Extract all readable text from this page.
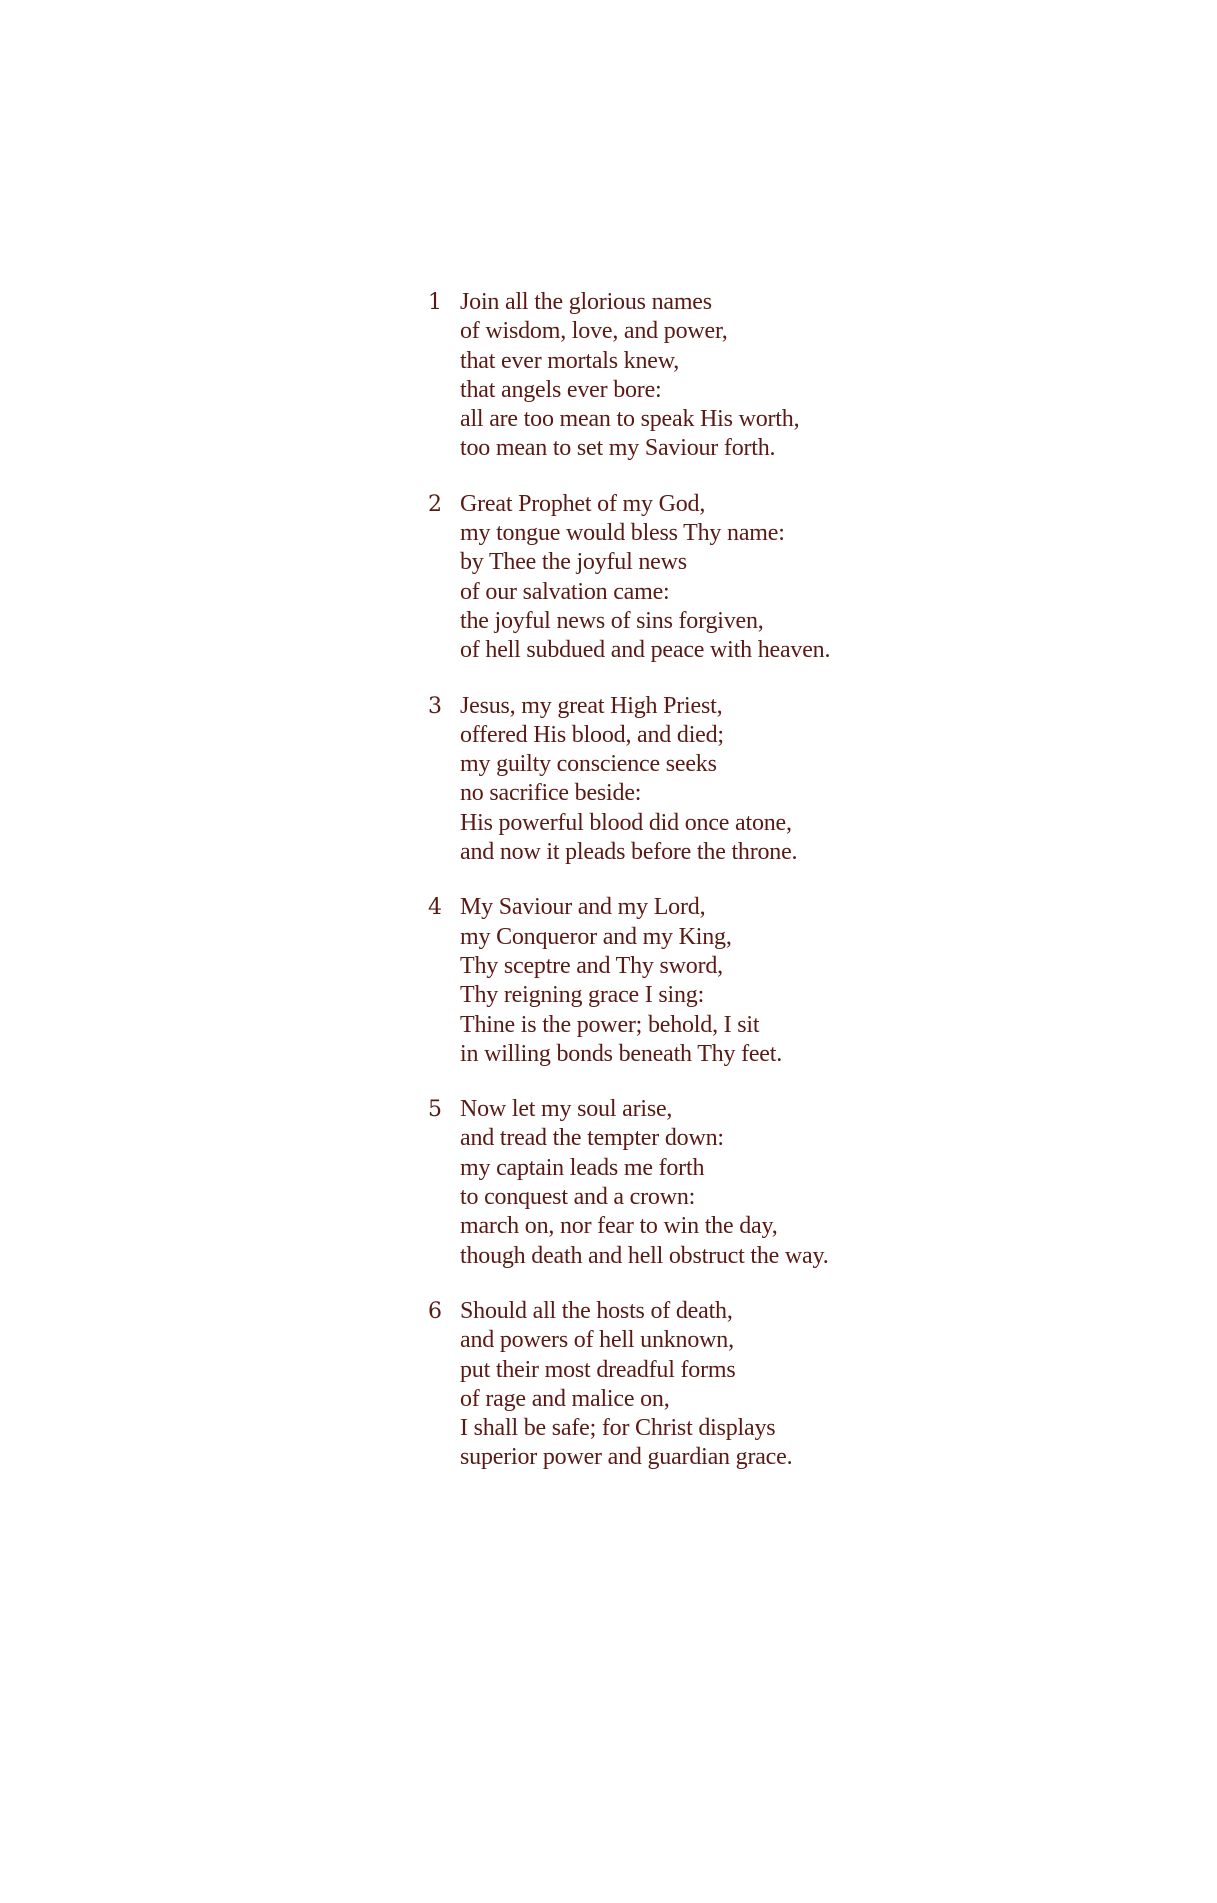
1 Join all the glorious names
of wisdom, love, and power,
that ever mortals knew,
that angels ever bore:
all are too mean to speak His worth,
too mean to set my Saviour forth.
2 Great Prophet of my God,
my tongue would bless Thy name:
by Thee the joyful news
of our salvation came:
the joyful news of sins forgiven,
of hell subdued and peace with heaven.
3 Jesus, my great High Priest,
offered His blood, and died;
my guilty conscience seeks
no sacrifice beside:
His powerful blood did once atone,
and now it pleads before the throne.
4 My Saviour and my Lord,
my Conqueror and my King,
Thy sceptre and Thy sword,
Thy reigning grace I sing:
Thine is the power; behold, I sit
in willing bonds beneath Thy feet.
5 Now let my soul arise,
and tread the tempter down:
my captain leads me forth
to conquest and a crown:
march on, nor fear to win the day,
though death and hell obstruct the way.
6 Should all the hosts of death,
and powers of hell unknown,
put their most dreadful forms
of rage and malice on,
I shall be safe; for Christ displays
superior power and guardian grace.
